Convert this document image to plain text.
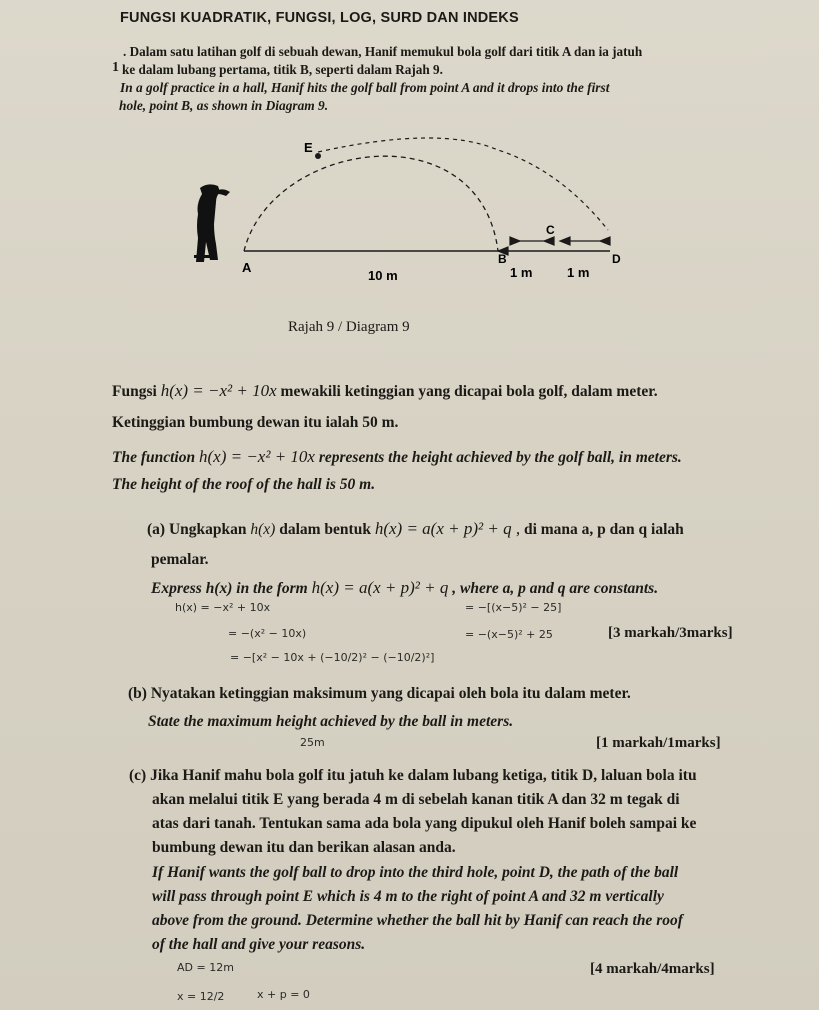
FUNGSI KUADRATIK, FUNGSI, LOG, SURD DAN INDEKS
1
. Dalam satu latihan golf di sebuah dewan, Hanif memukul bola golf dari titik A dan ia jatuh
ke dalam lubang pertama, titik B, seperti dalam Rajah 9.
In a golf practice in a hall, Hanif hits the golf ball from point A and it drops into the first
hole, point B, as shown in Diagram 9.
E
A
B
C
D
10 m	1 m	1 m
Rajah 9 / Diagram 9
Fungsi h(x) = −x² + 10x mewakili ketinggian yang dicapai bola golf, dalam meter.
Ketinggian bumbung dewan itu ialah 50 m.
The function h(x) = −x² + 10x represents the height achieved by the golf ball, in meters.
The height of the roof of the hall is 50 m.
(a) Ungkapkan h(x) dalam bentuk h(x) = a(x + p)² + q , di mana a, p dan q ialah
pemalar.
Express h(x) in the form h(x) = a(x + p)² + q , where a, p and q are constants.
h(x) = −x² + 10x
= −(x² − 10x)
= −[x² − 10x + (−10/2)² − (−10/2)²]
= −[(x−5)² − 25]
= −(x−5)² + 25	[3 markah/3marks]
(b) Nyatakan ketinggian maksimum yang dicapai oleh bola itu dalam meter.
State the maximum height achieved by the ball in meters.
25m	[1 markah/1marks]
(c) Jika Hanif mahu bola golf itu jatuh ke dalam lubang ketiga, titik D, laluan bola itu
akan melalui titik E yang berada 4 m di sebelah kanan titik A dan 32 m tegak di
atas dari tanah. Tentukan sama ada bola yang dipukul oleh Hanif boleh sampai ke
bumbung dewan itu dan berikan alasan anda.
If Hanif wants the golf ball to drop into the third hole, point D, the path of the ball
will pass through point E which is 4 m to the right of point A and 32 m vertically
above from the ground. Determine whether the ball hit by Hanif can reach the roof
of the hall and give your reasons.
AD = 12m
x = 12/2	x + p = 0
[4 markah/4marks]
